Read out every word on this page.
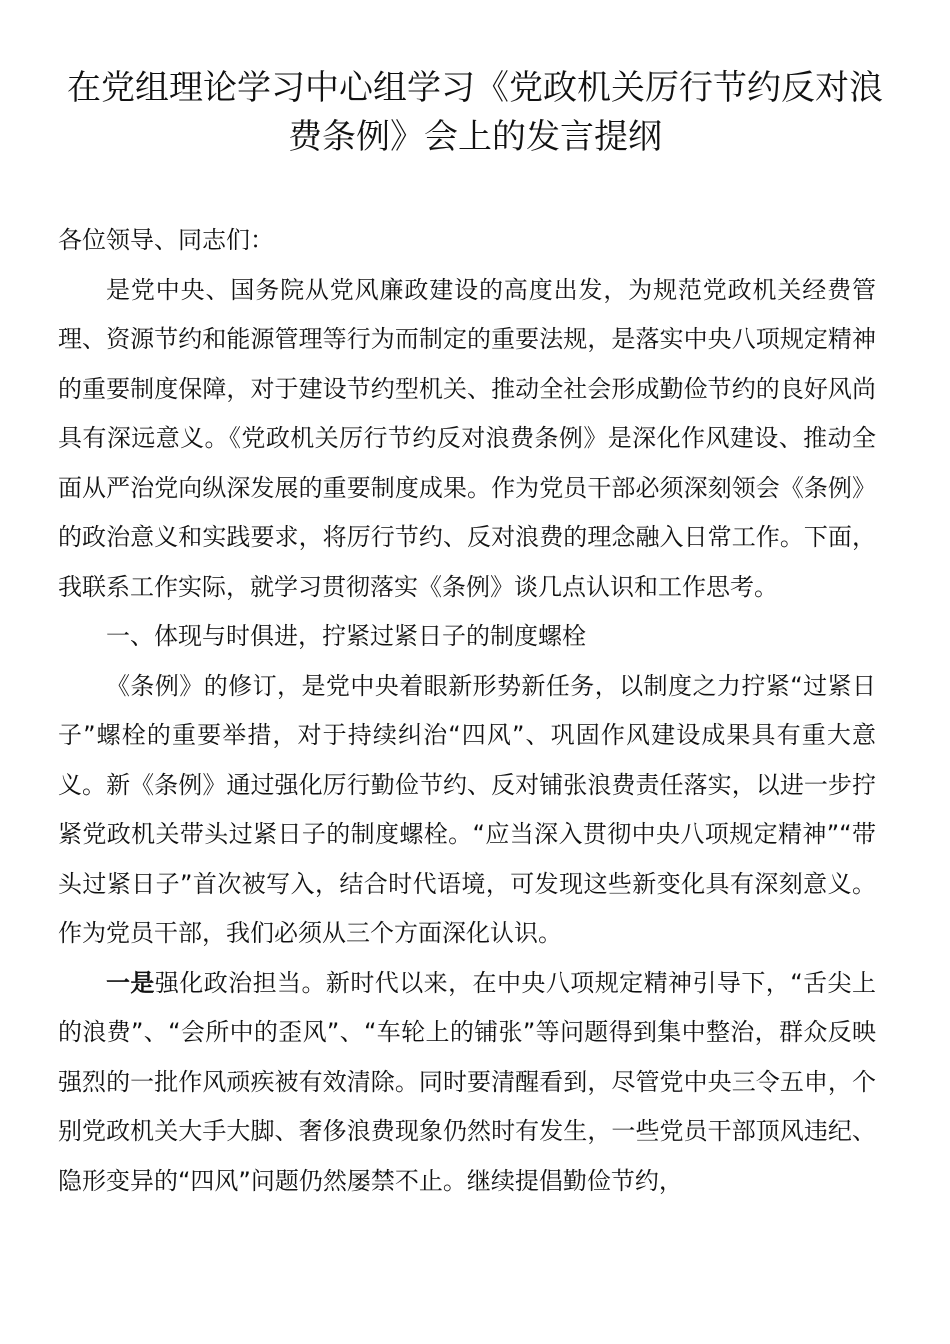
在党组理论学习中心组学习《党政机关厉行节约反对浪费条例》会上的发言提纲

各位领导、同志们：

是党中央、国务院从党风廉政建设的高度出发，为规范党政机关经费管理、资源节约和能源管理等行为而制定的重要法规，是落实中央八项规定精神的重要制度保障，对于建设节约型机关、推动全社会形成勤俭节约的良好风尚具有深远意义。《党政机关厉行节约反对浪费条例》是深化作风建设、推动全面从严治党向纵深发展的重要制度成果。作为党员干部必须深刻领会《条例》的政治意义和实践要求，将厉行节约、反对浪费的理念融入日常工作。下面，我联系工作实际，就学习贯彻落实《条例》谈几点认识和工作思考。

一、体现与时俱进，拧紧过紧日子的制度螺栓

《条例》的修订，是党中央着眼新形势新任务，以制度之力拧紧“过紧日子”螺栓的重要举措，对于持续纠治“四风”、巩固作风建设成果具有重大意义。新《条例》通过强化厉行勤俭节约、反对铺张浪费责任落实，以进一步拧紧党政机关带头过紧日子的制度螺栓。“应当深入贯彻中央八项规定精神”“带头过紧日子”首次被写入，结合时代语境，可发现这些新变化具有深刻意义。作为党员干部，我们必须从三个方面深化认识。

一是强化政治担当。新时代以来，在中央八项规定精神引导下，“舌尖上的浪费”、“会所中的歪风”、“车轮上的铺张”等问题得到集中整治，群众反映强烈的一批作风顽疾被有效清除。同时要清醒看到，尽管党中央三令五申，个别党政机关大手大脚、奢侈浪费现象仍然时有发生，一些党员干部顶风违纪、隐形变异的“四风”问题仍然屡禁不止。继续提倡勤俭节约，
